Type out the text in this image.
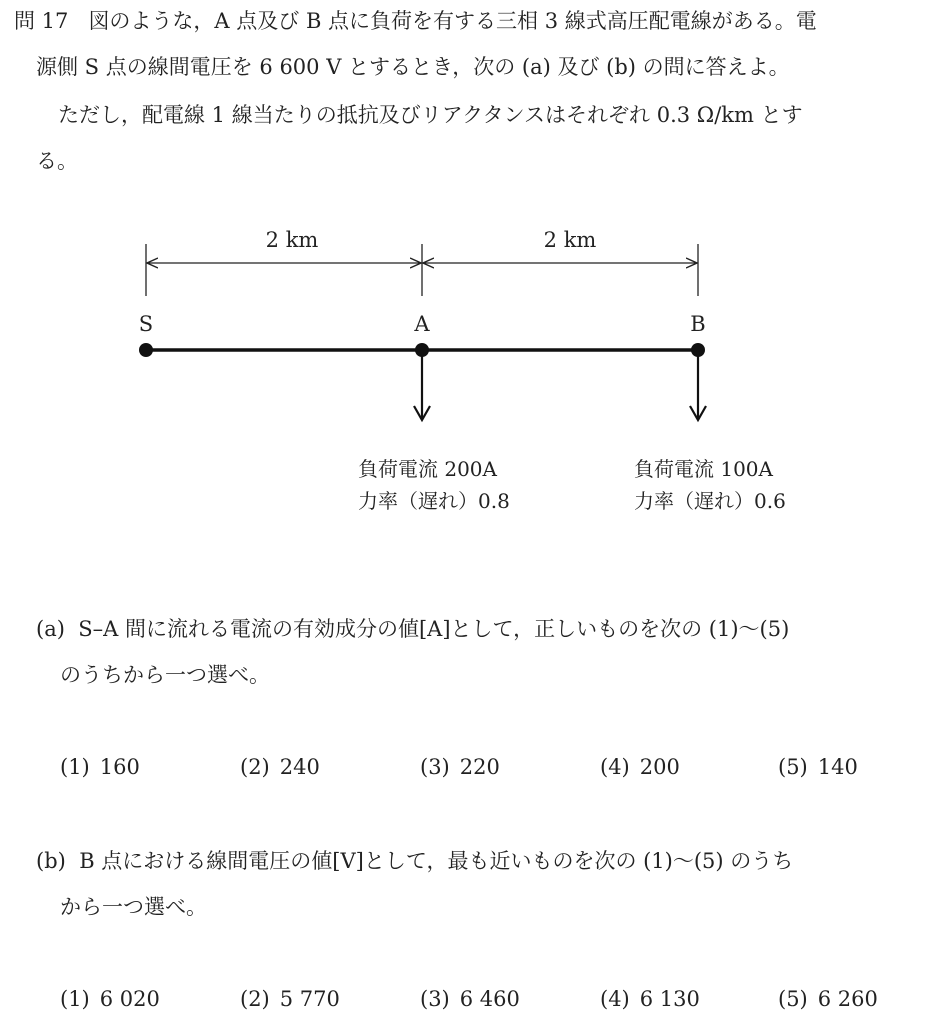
問 17 図のような，A 点及び B 点に負荷を有する三相 3 線式高圧配電線がある。電
源側 S 点の線間電圧を 6 600 V とするとき，次の (a) 及び (b) の問に答えよ。
ただし，配電線 1 線当たりの抵抗及びリアクタンスはそれぞれ 0.3 Ω/km とす
る。
2 km	2 km
S	A	B
負荷電流 200A
力率（遅れ）0.8
負荷電流 100A
力率（遅れ）0.6
(a) S–A 間に流れる電流の有効成分の値[A]として，正しいものを次の (1)～(5)
のうちから一つ選べ。
(1) 160	(2) 240	(3) 220	(4) 200	(5) 140
(b) B 点における線間電圧の値[V]として，最も近いものを次の (1)～(5) のうち
から一つ選べ。
(1) 6 020	(2) 5 770	(3) 6 460	(4) 6 130	(5) 6 260
